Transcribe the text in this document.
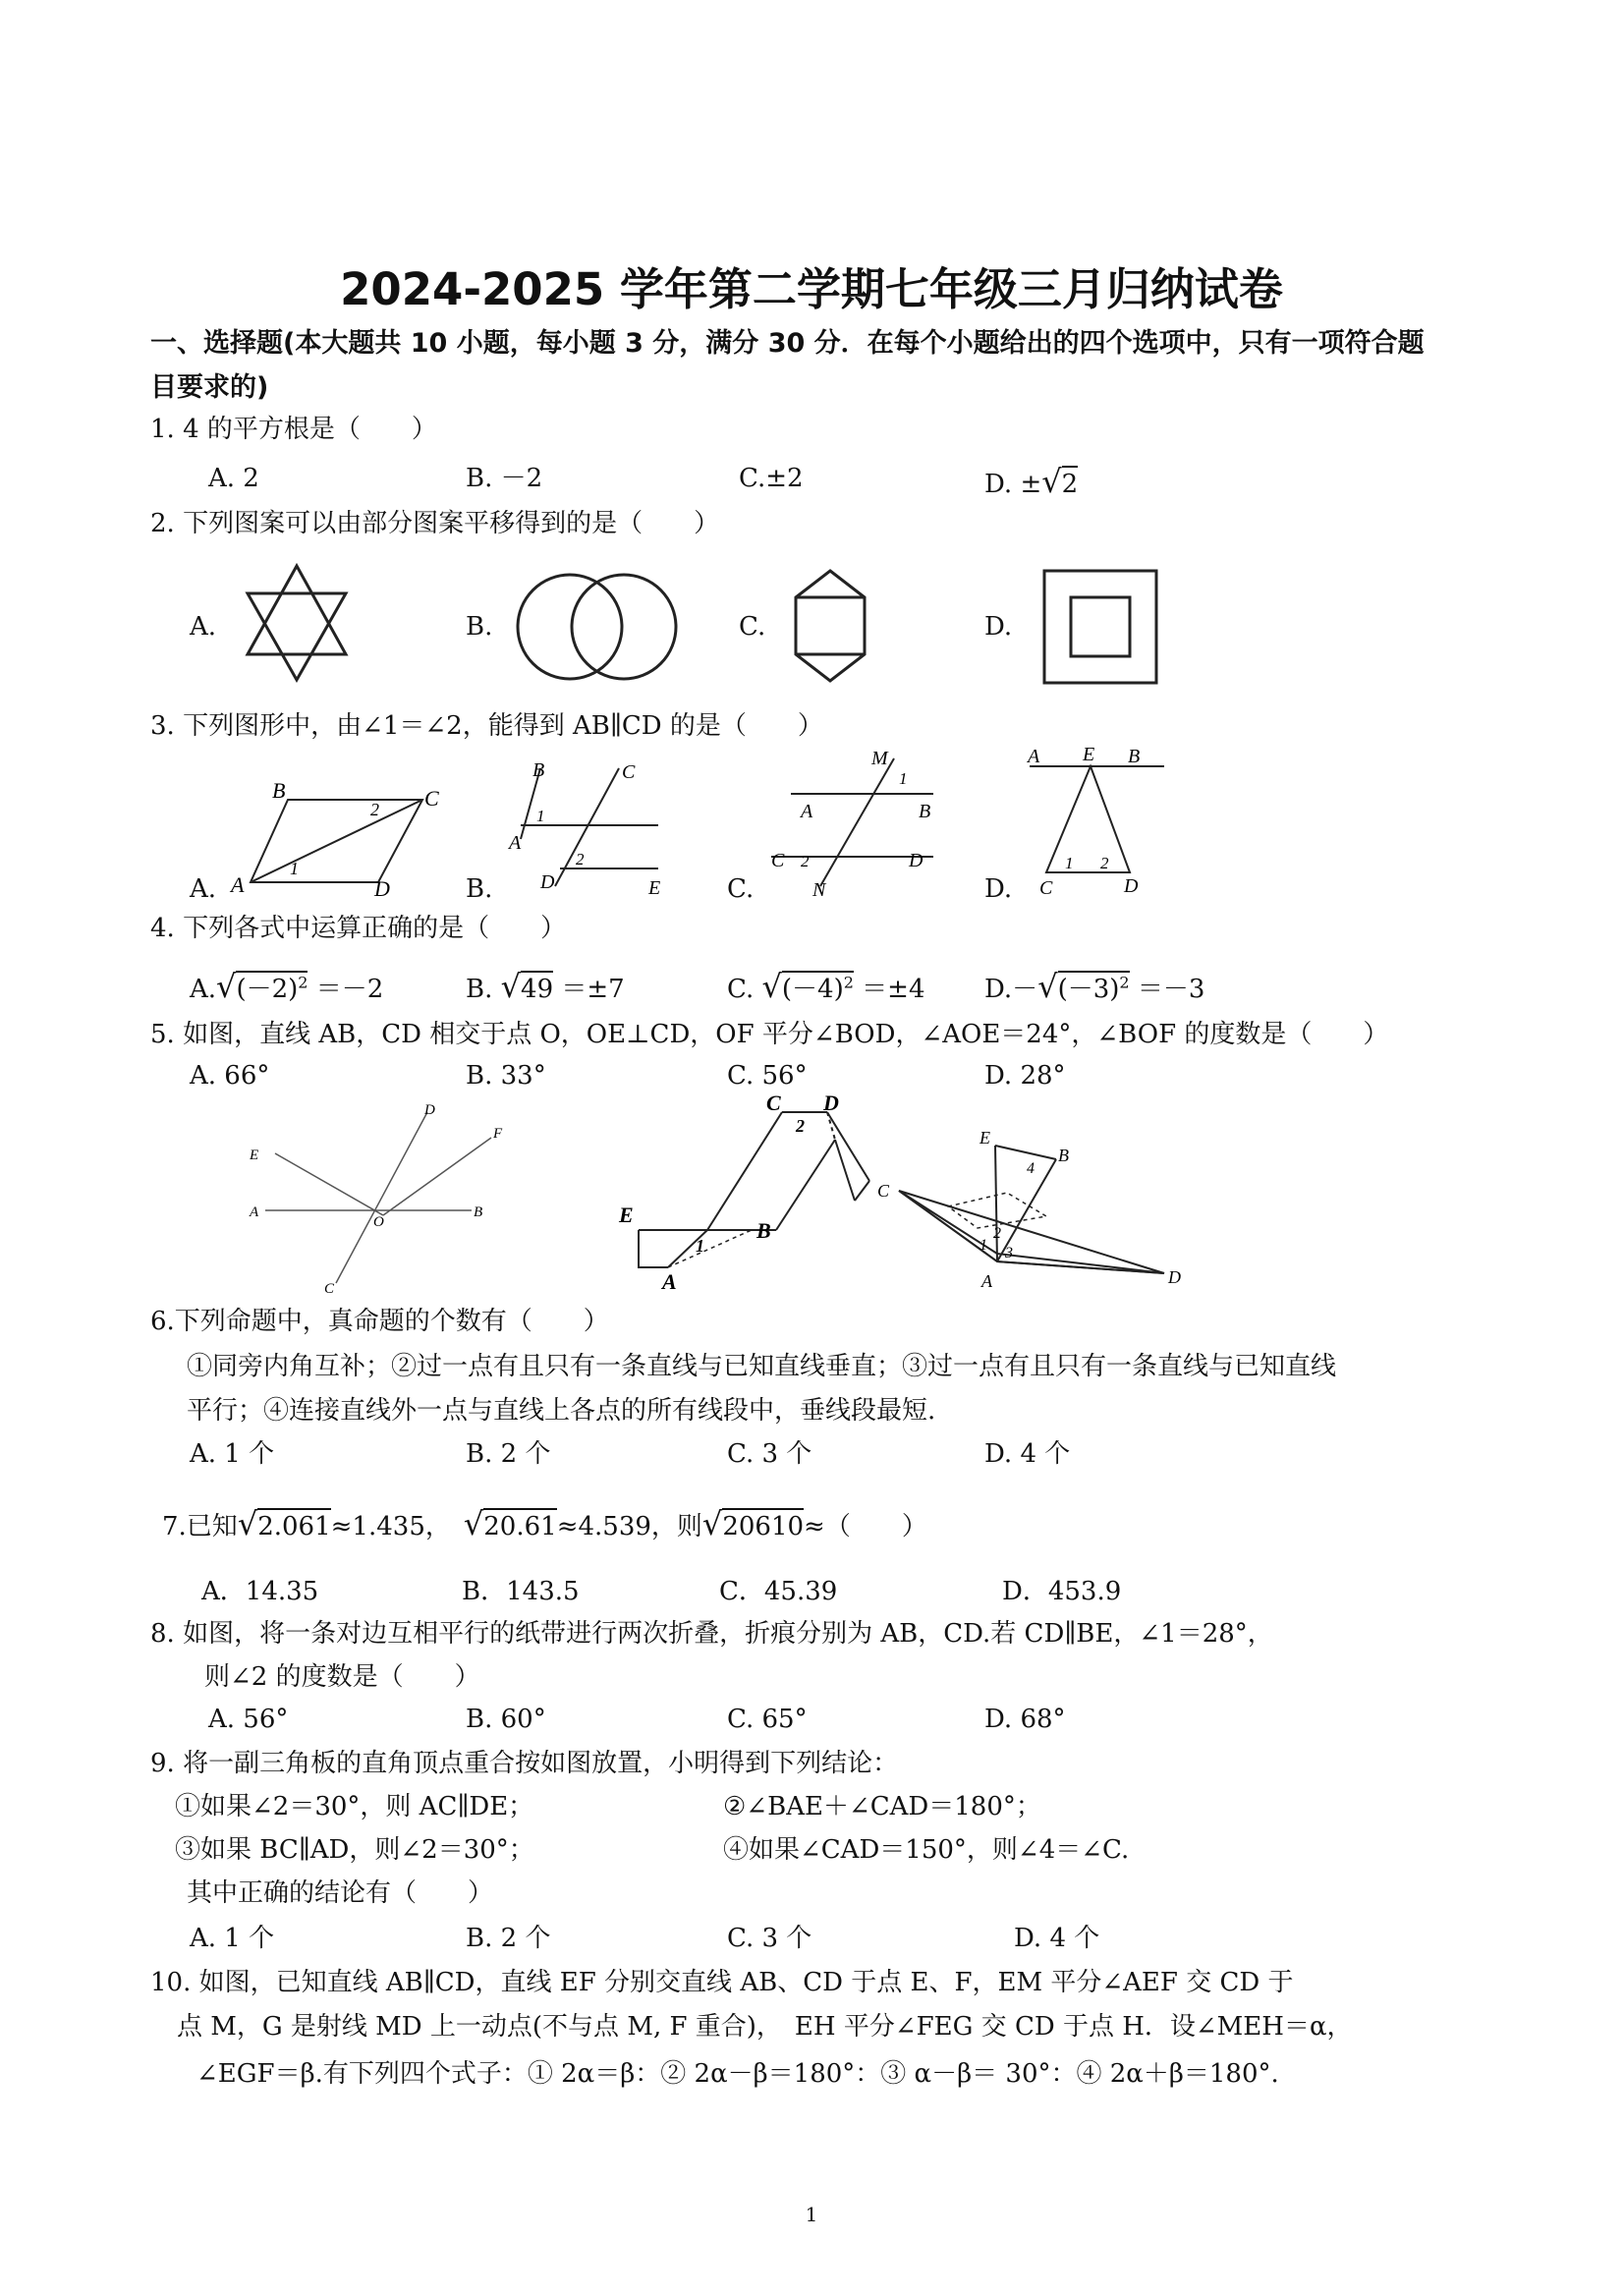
2024-2025 学年第二学期七年级三月归纳试卷
一、选择题(本大题共 10 小题，每小题 3 分，满分 30 分．在每个小题给出的四个选项中，只有一项符合题
目要求的)
1. 4 的平方根是（　　）
A. 2	B. －2	C.±2	D. ±√2
2. 下列图案可以由部分图案平移得到的是（　　）
A.	B.	C.	D.
3. 下列图形中，由∠1＝∠2，能得到 AB∥CD 的是（　　）
A.	B.	C.	D.
B	C
A	D
1
2
B	C
A
D	E
1
2
M
1
A	B
C 2	D
N
A E B
C	D
1 2
4. 下列各式中运算正确的是（　　）
$A.√(-2)^2 =-2$	B. √49 ＝±7	C. $√(-4)^2 =\pm 4$ $D.-√(-3)^2 =-3$
5. 如图，直线 AB，CD 相交于点 O，OE⊥CD，OF 平分∠BOD，∠AOE＝24°，∠BOF 的度数是（　　）
A. 66°	B. 33°	C. 56°	D. 28°
A	B
C
D
E
F
O
C D
E
A
B
1
2
E
B
C
A	D
1
2
3
4
6.下列命题中，真命题的个数有（　　）
①同旁内角互补；②过一点有且只有一条直线与已知直线垂直；③过一点有且只有一条直线与已知直线
平行；④连接直线外一点与直线上各点的所有线段中，垂线段最短.
A. 1 个	B. 2 个	C. 3 个	D. 4 个
7.已知√2.061≈1.435，　 √20.61≈4.539，则√20610≈（　　）
A．14.35	B．143.5	C．45.39	D．453.9
8. 如图，将一条对边互相平行的纸带进行两次折叠，折痕分别为 AB，CD.若 CD∥BE，∠1＝28°，
则∠2 的度数是（　　）
A. 56°	B. 60°	C. 65°	D. 68°
9. 将一副三角板的直角顶点重合按如图放置，小明得到下列结论：
①如果∠2＝30°，则 AC∥DE；	②∠BAE＋∠CAD＝180°；
③如果 BC∥AD，则∠2＝30°；	④如果∠CAD＝150°，则∠4＝∠C.
其中正确的结论有（　　）
A. 1 个	B. 2 个	C. 3 个	D. 4 个
10. 如图，已知直线 AB∥CD，直线 EF 分别交直线 AB、CD 于点 E、F，EM 平分∠AEF 交 CD 于
点 M，G 是射线 MD 上一动点(不与点 M, F 重合)，　EH 平分∠FEG 交 CD 于点 H．设∠MEH＝α，
∠EGF＝β.有下列四个式子：① 2α＝β：② 2α－β＝180°：③ α－β＝ 30°：④ 2α＋β＝180°.
1
